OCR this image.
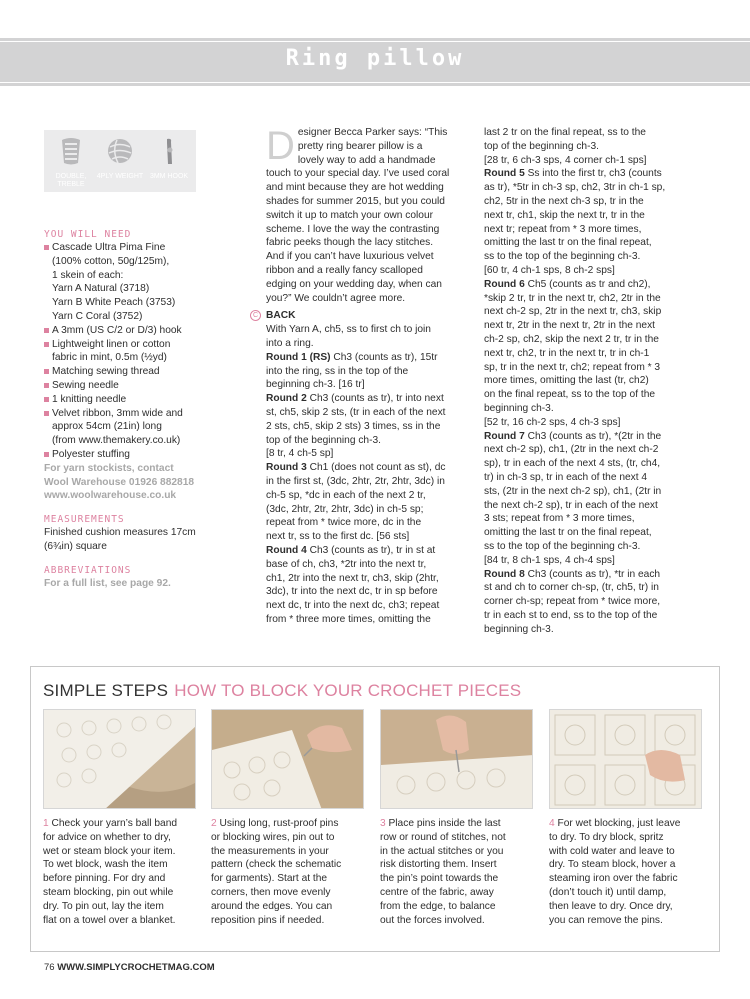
Ring pillow
DOUBLE, TREBLE
4PLY WEIGHT 3MM HOOK
YOU WILL NEED
Cascade Ultra Pima Fine
(100% cotton, 50g/125m),
1 skein of each:
Yarn A Natural (3718)
Yarn B White Peach (3753)
Yarn C Coral (3752)
A 3mm (US C/2 or D/3) hook
Lightweight linen or cotton
fabric in mint, 0.5m (½yd)
Matching sewing thread
Sewing needle
1 knitting needle
Velvet ribbon, 3mm wide and
approx 54cm (21in) long
(from www.themakery.co.uk)
Polyester stuffing
For yarn stockists, contact
Wool Warehouse 01926 882818
www.woolwarehouse.co.uk
MEASUREMENTS
Finished cushion measures 17cm
(6¾in) square
ABBREVIATIONS
For a full list, see page 92.
D esigner Becca Parker says: “This
pretty ring bearer pillow is a
lovely way to add a handmade
touch to your special day. I’ve used coral
and mint because they are hot wedding
shades for summer 2015, but you could
switch it up to match your own colour
scheme. I love the way the contrasting
fabric peeks though the lacy stitches.
And if you can’t have luxurious velvet
ribbon and a really fancy scalloped
edging on your wedding day, when can
you?” We couldn’t agree more.
C BACK
With Yarn A, ch5, ss to first ch to join
into a ring.
Round 1 (RS) Ch3 (counts as tr), 15tr
into the ring, ss in the top of the
beginning ch-3. [16 tr]
Round 2 Ch3 (counts as tr), tr into next
st, ch5, skip 2 sts, (tr in each of the next
2 sts, ch5, skip 2 sts) 3 times, ss in the
top of the beginning ch-3.
[8 tr, 4 ch-5 sp]
Round 3 Ch1 (does not count as st), dc
in the first st, (3dc, 2htr, 2tr, 2htr, 3dc) in
ch-5 sp, *dc in each of the next 2 tr,
(3dc, 2htr, 2tr, 2htr, 3dc) in ch-5 sp;
repeat from * twice more, dc in the
next tr, ss to the first dc. [56 sts]
Round 4 Ch3 (counts as tr), tr in st at
base of ch, ch3, *2tr into the next tr,
ch1, 2tr into the next tr, ch3, skip (2htr,
3dc), tr into the next dc, tr in sp before
next dc, tr into the next dc, ch3; repeat
from * three more times, omitting the
last 2 tr on the final repeat, ss to the
top of the beginning ch-3.
[28 tr, 6 ch-3 sps, 4 corner ch-1 sps]
Round 5 Ss into the first tr, ch3 (counts
as tr), *5tr in ch-3 sp, ch2, 3tr in ch-1 sp,
ch2, 5tr in the next ch-3 sp, tr in the
next tr, ch1, skip the next tr, tr in the
next tr; repeat from * 3 more times,
omitting the last tr on the final repeat,
ss to the top of the beginning ch-3.
[60 tr, 4 ch-1 sps, 8 ch-2 sps]
Round 6 Ch5 (counts as tr and ch2),
*skip 2 tr, tr in the next tr, ch2, 2tr in the
next ch-2 sp, 2tr in the next tr, ch3, skip
next tr, 2tr in the next tr, 2tr in the next
ch-2 sp, ch2, skip the next 2 tr, tr in the
next tr, ch2, tr in the next tr, tr in ch-1
sp, tr in the next tr, ch2; repeat from * 3
more times, omitting the last (tr, ch2)
on the final repeat, ss to the top of the
beginning ch-3.
[52 tr, 16 ch-2 sps, 4 ch-3 sps]
Round 7 Ch3 (counts as tr), *(2tr in the
next ch-2 sp), ch1, (2tr in the next ch-2
sp), tr in each of the next 4 sts, (tr, ch4,
tr) in ch-3 sp, tr in each of the next 4
sts, (2tr in the next ch-2 sp), ch1, (2tr in
the next ch-2 sp), tr in each of the next
3 sts; repeat from * 3 more times,
omitting the last tr on the final repeat,
ss to the top of the beginning ch-3.
[84 tr, 8 ch-1 sps, 4 ch-4 sps]
Round 8 Ch3 (counts as tr), *tr in each
st and ch to corner ch-sp, (tr, ch5, tr) in
corner ch-sp; repeat from * twice more,
tr in each st to end, ss to the top of the
beginning ch-3.
SIMPLE STEPS HOW TO BLOCK YOUR CROCHET PIECES
1 Check your yarn’s ball band
for advice on whether to dry,
wet or steam block your item.
To wet block, wash the item
before pinning. For dry and
steam blocking, pin out while
dry. To pin out, lay the item
flat on a towel over a blanket.
2 Using long, rust-proof pins
or blocking wires, pin out to
the measurements in your
pattern (check the schematic
for garments). Start at the
corners, then move evenly
around the edges. You can
reposition pins if needed.
3 Place pins inside the last
row or round of stitches, not
in the actual stitches or you
risk distorting them. Insert
the pin’s point towards the
centre of the fabric, away
from the edge, to balance
out the forces involved.
4 For wet blocking, just leave
to dry. To dry block, spritz
with cold water and leave to
dry. To steam block, hover a
steaming iron over the fabric
(don’t touch it) until damp,
then leave to dry. Once dry,
you can remove the pins.
76 WWW.SIMPLYCROCHETMAG.COM
